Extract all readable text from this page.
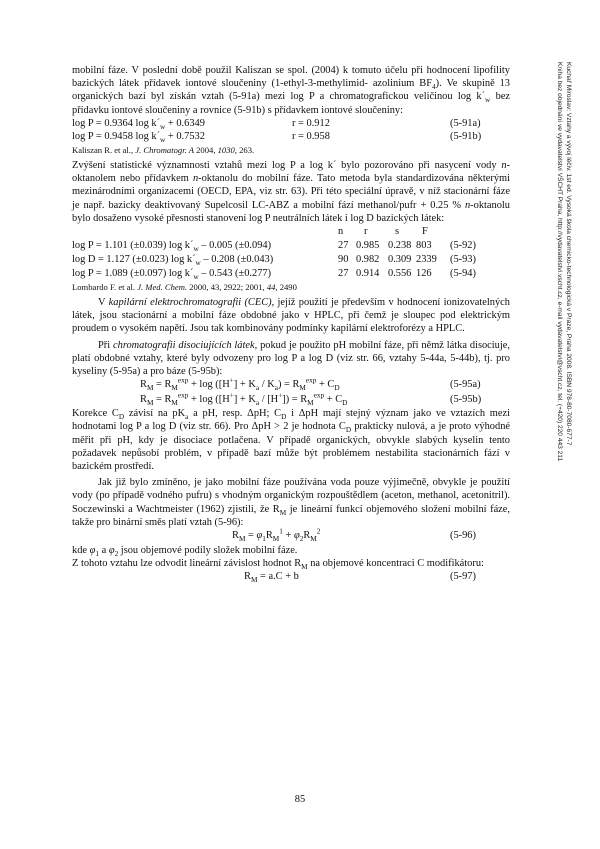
Kuchař Miroslav: Vztahy a vývoj léčiv. 1st ed. Vysoká škola chemicko-technologická v Praze, Praha 2008. ISBN 978-80-7080-677-7
Kniha bez objednání ve vydavatelství VŠCHT Praha, http://vydavatelstvi.vscht.cz, e-mail vydavatelstvi@vscht.cz, tel. (+420) 220 443 211

mobilní fáze. V poslední době použil Kaliszan se spol. (2004) k tomuto účelu při hodnocení lipofility bazických látek přídavek iontové sloučeniny (1-ethyl-3-methylimid- azolinium $BF_4$). Ve skupině 13 organických bazí byl získán vztah (5-91a) mezi log P a chromatografickou veličinou $\log k´_w$ bez přídavku iontové sloučeniny a rovnice (5-91b) s přídavkem iontové sloučeniny:

log P = 0.9364 $\log k´_w + 0.6349$	r = 0.912	(5-91a)
log P = 0.9458 $\log k´_w + 0.7532$	r = 0.958	(5-91b)
Kaliszan R. et al., J. Chromatogr. A 2004, 1030, 263.

Zvýšení statistické významnosti vztahů mezi log P a log k´ bylo pozorováno při nasycení vody n-oktanolem nebo přídavkem n-oktanolu do mobilní fáze. Tato metoda byla standardizována některými mezinárodními organizacemi (OECD, EPA, viz str. 63). Při této speciální úpravě, v níž stacionární fáze je např. bazicky deaktivovaný Supelcosil LC-ABZ a mobilní fází methanol/pufr + 0.25 % n-oktanolu bylo dosaženo vysoké přesnosti stanovení log P neutrálních látek i log D bazických látek:

n r	s F
log P = 1.101 (±0.039) $\log k´_w - 0.005$ (±0.094)	27 0.985 0.238 803 (5-92)
log D = 1.127 (±0.023) $\log k´_w - 0.208$ (±0.043)	90 0.982 0.309 2339 (5-93)
log P = 1.089 (±0.097) $\log k´_w - 0.543$ (±0.277)	27 0.914 0.556 126 (5-94)
Lombardo F. et al. J. Med. Chem. 2000, 43, 2922; 2001, 44, 2490

V kapilární elektrochromatografii (CEC), jejíž použití je především v hodnocení ionizovatelných látek, jsou stacionární a mobilní fáze obdobné jako v HPLC, při čemž je sloupec pod elektrickým proudem o vysokém napětí. Jsou tak kombinovány podmínky kapilární elektroforézy a HPLC.

Při chromatografii disociujících látek, pokud je použito pH mobilní fáze, při němž látka disociuje, platí obdobné vztahy, které byly odvozeny pro log P a log D (viz str. 66, vztahy 5-44a, 5-44b), tj. pro kyseliny (5-95a) a pro báze (5-95b):

$R_M = R_M^{exp} + \log ([H^+] + K_a / K_a) = R_M^{exp} + C_D$	(5-95a)
$R_M = R_M^{exp} + \log ([H^+] + K_a / [H^+]) = R_M^{exp} + C_D$	(5-95b)

Korekce $C_D$ závisí na $pK_a$ a pH, resp. ΔpH; $C_D$ i ΔpH mají stejný význam jako ve vztazích mezi hodnotami log P a log D (viz str. 66). Pro ΔpH > 2 je hodnota $C_D$ prakticky nulová, a je proto výhodné měřit při pH, kdy je disociace potlačena. V případě organických, obvykle slabých kyselin tento požadavek nepůsobí problém, v případě bazí může být problémem nestabilita stacionárních fází v bazickém prostředí.

Jak již bylo zmíněno, je jako mobilní fáze používána voda pouze výjimečně, obvykle je použití vody (po případě vodného pufru) s vhodným organickým rozpouštědlem (aceton, methanol, acetonitril). Soczewinski a Wachtmeister (1962) zjistili, že $R_M$ je lineární funkcí objemového složení mobilní fáze, takže pro binární směs platí vztah (5-96):

$R_M = \varphi_1R_M^1 + \varphi_2R_M^2$	(5-96)

kde $\varphi_1$ a $\varphi_2$ jsou objemové podíly složek mobilní fáze.

Z tohoto vztahu lze odvodit lineární závislost hodnot $R_M$ na objemové koncentraci C modifikátoru:

$R_M = a.C + b$	(5-97)
85
